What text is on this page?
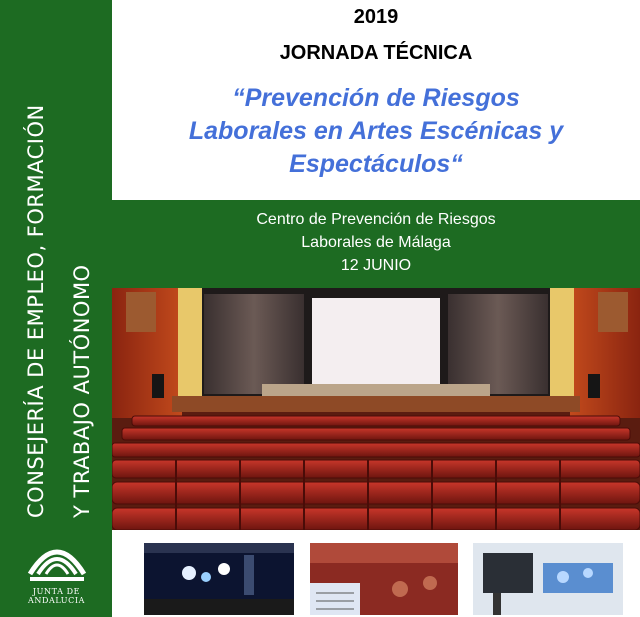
CONSEJERÍA DE EMPLEO, FORMACIÓN Y TRABAJO AUTÓNOMO
JUNTA DE ANDALUCIA
2019
JORNADA TÉCNICA
“Prevención de Riesgos
Laborales en Artes Escénicas y
Espectáculos“
Centro de Prevención de Riesgos
Laborales de Málaga
12 JUNIO
